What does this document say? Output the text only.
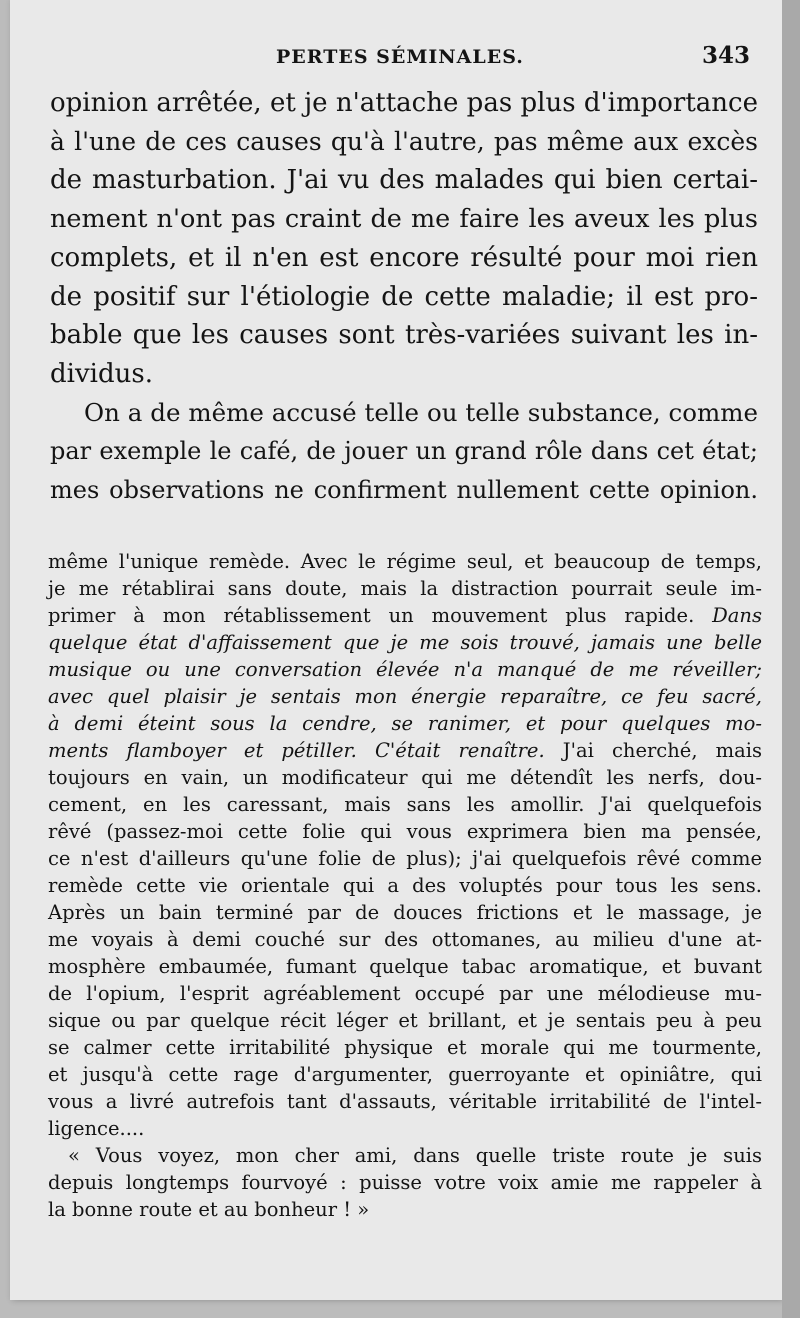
PERTES SÉMINALES.	343
opinion arrêtée, et je n'attache pas plus d'importance
à l'une de ces causes qu'à l'autre, pas même aux excès
de masturbation. J'ai vu des malades qui bien certai-
nement n'ont pas craint de me faire les aveux les plus
complets, et il n'en est encore résulté pour moi rien
de positif sur l'étiologie de cette maladie; il est pro-
bable que les causes sont très-variées suivant les in-
dividus.
On a de même accusé telle ou telle substance, comme
par exemple le café, de jouer un grand rôle dans cet état;
mes observations ne confirment nullement cette opinion.
même l'unique remède. Avec le régime seul, et beaucoup de temps,
je me rétablirai sans doute, mais la distraction pourrait seule im-
primer à mon rétablissement un mouvement plus rapide. Dans
quelque état d'affaissement que je me sois trouvé, jamais une belle
musique ou une conversation élevée n'a manqué de me réveiller;
avec quel plaisir je sentais mon énergie reparaître, ce feu sacré,
à demi éteint sous la cendre, se ranimer, et pour quelques mo-
ments flamboyer et pétiller. C'était renaître. J'ai cherché, mais
toujours en vain, un modificateur qui me détendît les nerfs, dou-
cement, en les caressant, mais sans les amollir. J'ai quelquefois
rêvé (passez-moi cette folie qui vous exprimera bien ma pensée,
ce n'est d'ailleurs qu'une folie de plus); j'ai quelquefois rêvé comme
remède cette vie orientale qui a des voluptés pour tous les sens.
Après un bain terminé par de douces frictions et le massage, je
me voyais à demi couché sur des ottomanes, au milieu d'une at-
mosphère embaumée, fumant quelque tabac aromatique, et buvant
de l'opium, l'esprit agréablement occupé par une mélodieuse mu-
sique ou par quelque récit léger et brillant, et je sentais peu à peu
se calmer cette irritabilité physique et morale qui me tourmente,
et jusqu'à cette rage d'argumenter, guerroyante et opiniâtre, qui
vous a livré autrefois tant d'assauts, véritable irritabilité de l'intel-
ligence....
« Vous voyez, mon cher ami, dans quelle triste route je suis
depuis longtemps fourvoyé : puisse votre voix amie me rappeler à
la bonne route et au bonheur ! »
